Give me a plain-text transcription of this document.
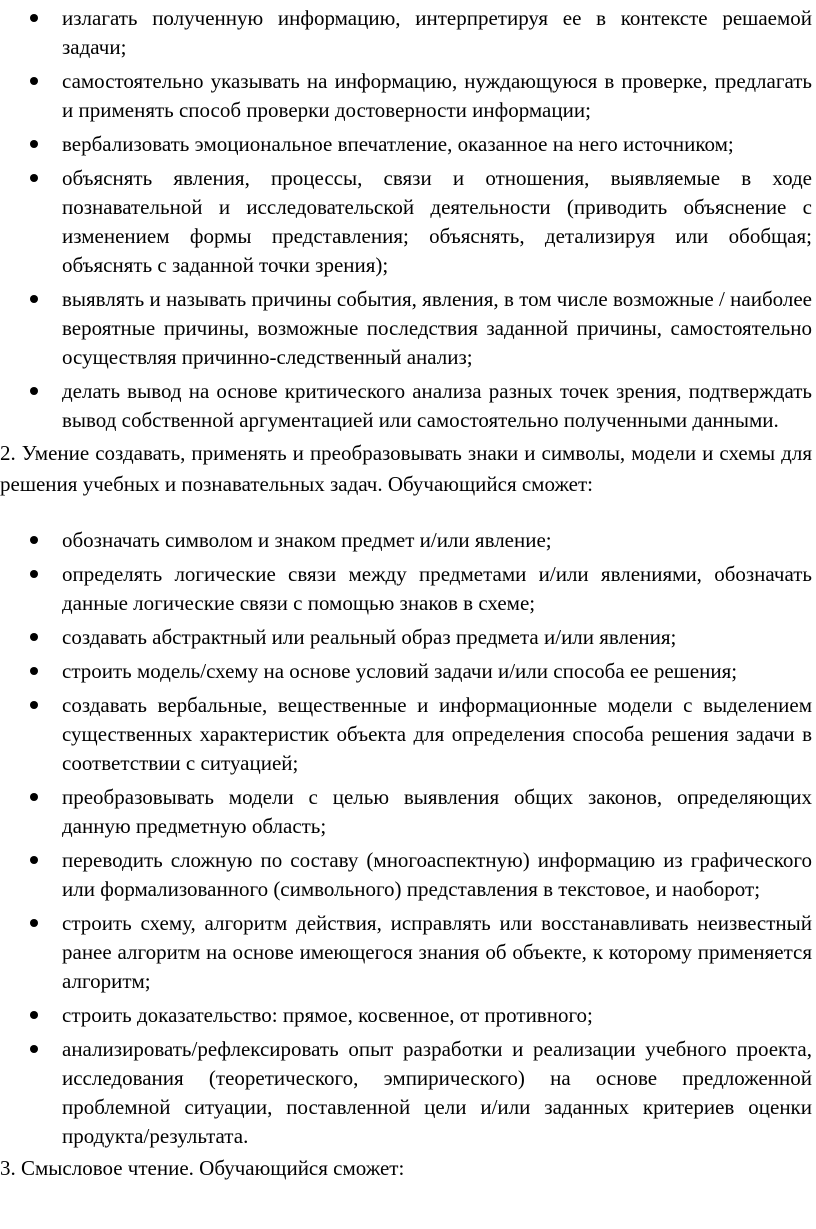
излагать полученную информацию, интерпретируя ее в контексте решаемой задачи;
самостоятельно указывать на информацию, нуждающуюся в проверке, предлагать и применять способ проверки достоверности информации;
вербализовать эмоциональное впечатление, оказанное на него источником;
объяснять явления, процессы, связи и отношения, выявляемые в ходе познавательной и исследовательской деятельности (приводить объяснение с изменением формы представления; объяснять, детализируя или обобщая; объяснять с заданной точки зрения);
выявлять и называть причины события, явления, в том числе возможные / наиболее вероятные причины, возможные последствия заданной причины, самостоятельно осуществляя причинно-следственный анализ;
делать вывод на основе критического анализа разных точек зрения, подтверждать вывод собственной аргументацией или самостоятельно полученными данными.

2. Умение создавать, применять и преобразовывать знаки и символы, модели и схемы для решения учебных и познавательных задач. Обучающийся сможет:

обозначать символом и знаком предмет и/или явление;
определять логические связи между предметами и/или явлениями, обозначать данные логические связи с помощью знаков в схеме;
создавать абстрактный или реальный образ предмета и/или явления;
строить модель/схему на основе условий задачи и/или способа ее решения;
создавать вербальные, вещественные и информационные модели с выделением существенных характеристик объекта для определения способа решения задачи в соответствии с ситуацией;
преобразовывать модели с целью выявления общих законов, определяющих данную предметную область;
переводить сложную по составу (многоаспектную) информацию из графического или формализованного (символьного) представления в текстовое, и наоборот;
строить схему, алгоритм действия, исправлять или восстанавливать неизвестный ранее алгоритм на основе имеющегося знания об объекте, к которому применяется алгоритм;
строить доказательство: прямое, косвенное, от противного;
анализировать/рефлексировать опыт разработки и реализации учебного проекта, исследования (теоретического, эмпирического) на основе предложенной проблемной ситуации, поставленной цели и/или заданных критериев оценки продукта/результата.

3. Смысловое чтение. Обучающийся сможет:
